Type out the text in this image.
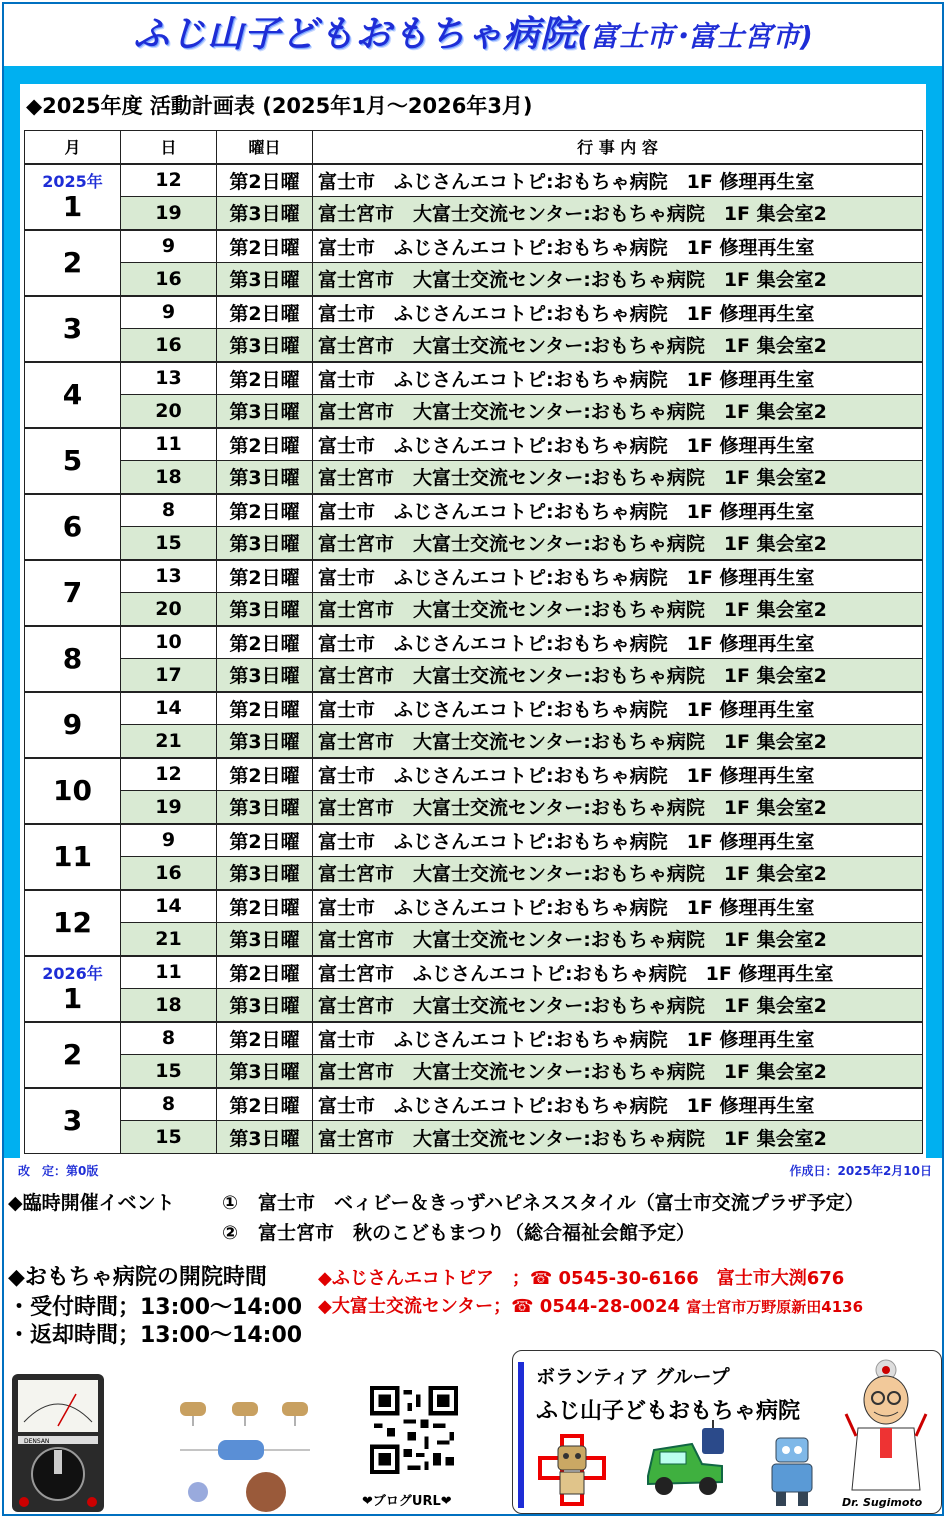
ふじ山子どもおもちゃ病院(富士市･富士宮市)
◆2025年度 活動計画表 (2025年1月～2026年3月)
月	日	曜日	行 事 内 容

2025年
1	12	第2日曜	富士市　ふじさんエコトピ:おもちゃ病院　1F 修理再生室
	19	第3日曜	富士宮市　大富士交流センター:おもちゃ病院　1F 集会室2

2	9	第2日曜	富士市　ふじさんエコトピ:おもちゃ病院　1F 修理再生室
	16	第3日曜	富士宮市　大富士交流センター:おもちゃ病院　1F 集会室2

3	9	第2日曜	富士市　ふじさんエコトピ:おもちゃ病院　1F 修理再生室
	16	第3日曜	富士宮市　大富士交流センター:おもちゃ病院　1F 集会室2

4	13	第2日曜	富士市　ふじさんエコトピ:おもちゃ病院　1F 修理再生室
	20	第3日曜	富士宮市　大富士交流センター:おもちゃ病院　1F 集会室2

5	11	第2日曜	富士市　ふじさんエコトピ:おもちゃ病院　1F 修理再生室
	18	第3日曜	富士宮市　大富士交流センター:おもちゃ病院　1F 集会室2

6	8	第2日曜	富士市　ふじさんエコトピ:おもちゃ病院　1F 修理再生室
	15	第3日曜	富士宮市　大富士交流センター:おもちゃ病院　1F 集会室2

7	13	第2日曜	富士市　ふじさんエコトピ:おもちゃ病院　1F 修理再生室
	20	第3日曜	富士宮市　大富士交流センター:おもちゃ病院　1F 集会室2

8	10	第2日曜	富士市　ふじさんエコトピ:おもちゃ病院　1F 修理再生室
	17	第3日曜	富士宮市　大富士交流センター:おもちゃ病院　1F 集会室2

9	14	第2日曜	富士市　ふじさんエコトピ:おもちゃ病院　1F 修理再生室
	21	第3日曜	富士宮市　大富士交流センター:おもちゃ病院　1F 集会室2

10	12	第2日曜	富士市　ふじさんエコトピ:おもちゃ病院　1F 修理再生室
	19	第3日曜	富士宮市　大富士交流センター:おもちゃ病院　1F 集会室2

11	9	第2日曜	富士市　ふじさんエコトピ:おもちゃ病院　1F 修理再生室
	16	第3日曜	富士宮市　大富士交流センター:おもちゃ病院　1F 集会室2

12	14	第2日曜	富士市　ふじさんエコトピ:おもちゃ病院　1F 修理再生室
	21	第3日曜	富士宮市　大富士交流センター:おもちゃ病院　1F 集会室2

2026年
1	11	第2日曜	富士宮市　ふじさんエコトピ:おもちゃ病院　1F 修理再生室
	18	第3日曜	富士宮市　大富士交流センター:おもちゃ病院　1F 集会室2

2	8	第2日曜	富士市　ふじさんエコトピ:おもちゃ病院　1F 修理再生室
	15	第3日曜	富士宮市　大富士交流センター:おもちゃ病院　1F 集会室2

3	8	第2日曜	富士市　ふじさんエコトピ:おもちゃ病院　1F 修理再生室
	15	第3日曜	富士宮市　大富士交流センター:おもちゃ病院　1F 集会室2
改　定：第0版	作成日：2025年2月10日
◆臨時開催イベント ① 富士市　ベィビー＆きっずハピネススタイル（富士市交流プラザ予定）
② 富士宮市　秋のこどもまつり（総合福祉会館予定）
◆おもちゃ病院の開院時間
・受付時間；13:00～14:00
・返却時間；13:00～14:00
◆ふじさんエコトピア　；☎ 0545-30-6166　富士市大渕676
◆大富士交流センター；☎ 0544-28-0024 富士宮市万野原新田4136
DENSAN
❤ブログURL❤
ボランティア グループ
ふじ山子どもおもちゃ病院
Dr. Sugimoto
